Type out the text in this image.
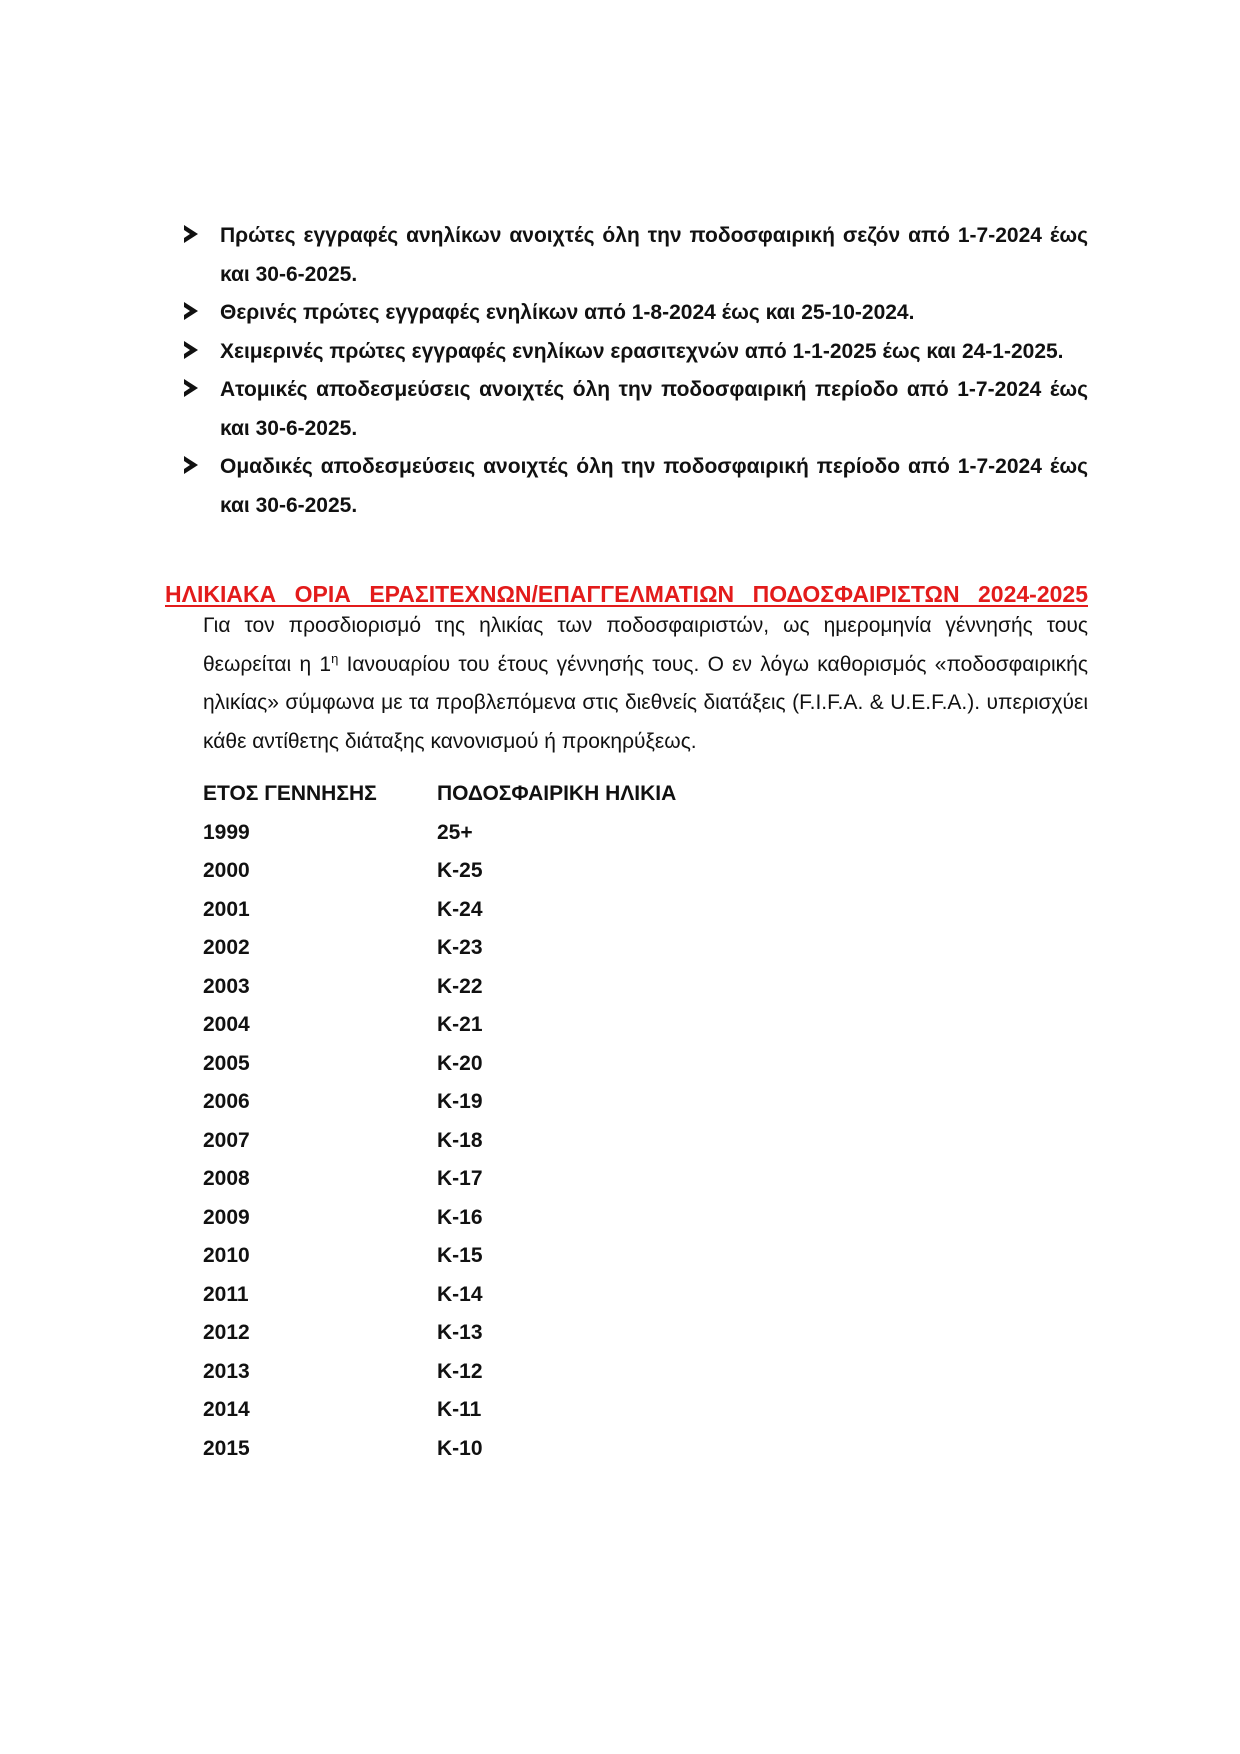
Πρώτες εγγραφές ανηλίκων ανοιχτές όλη την ποδοσφαιρική σεζόν από 1-7-2024 έως και 30-6-2025.

Θερινές πρώτες εγγραφές ενηλίκων από 1-8-2024 έως και 25-10-2024.

Χειμερινές πρώτες εγγραφές ενηλίκων ερασιτεχνών από 1-1-2025 έως και 24-1-2025.

Ατομικές αποδεσμεύσεις ανοιχτές όλη την ποδοσφαιρική περίοδο από 1-7-2024 έως και 30-6-2025.

Ομαδικές αποδεσμεύσεις ανοιχτές όλη την ποδοσφαιρική περίοδο από 1-7-2024 έως και 30-6-2025.

ΗΛΙΚΙΑΚΑ ΟΡΙΑ ΕΡΑΣΙΤΕΧΝΩΝ/ΕΠΑΓΓΕΛΜΑΤΙΩΝ ΠΟΔΟΣΦΑΙΡΙΣΤΩΝ 2024-2025
Για τον προσδιορισμό της ηλικίας των ποδοσφαιριστών, ως ημερομηνία γέννησής τους θεωρείται η $1^\eta$ Ιανουαρίου του έτους γέννησής τους. Ο εν λόγω καθορισμός «ποδοσφαιρικής ηλικίας» σύμφωνα με τα προβλεπόμενα στις διεθνείς διατάξεις (F.I.F.A. & U.E.F.A.). υπερισχύει κάθε αντίθετης διάταξης κανονισμού ή προκηρύξεως.
ΕΤΟΣ ΓΕΝΝΗΣΗΣ	ΠΟΔΟΣΦΑΙΡΙΚΗ ΗΛΙΚΙΑ
1999	25+
2000	K-25
2001	K-24
2002	K-23
2003	K-22
2004	K-21
2005	K-20
2006	K-19
2007	K-18
2008	K-17
2009	K-16
2010	K-15
2011	K-14
2012	K-13
2013	K-12
2014	K-11
2015	K-10
